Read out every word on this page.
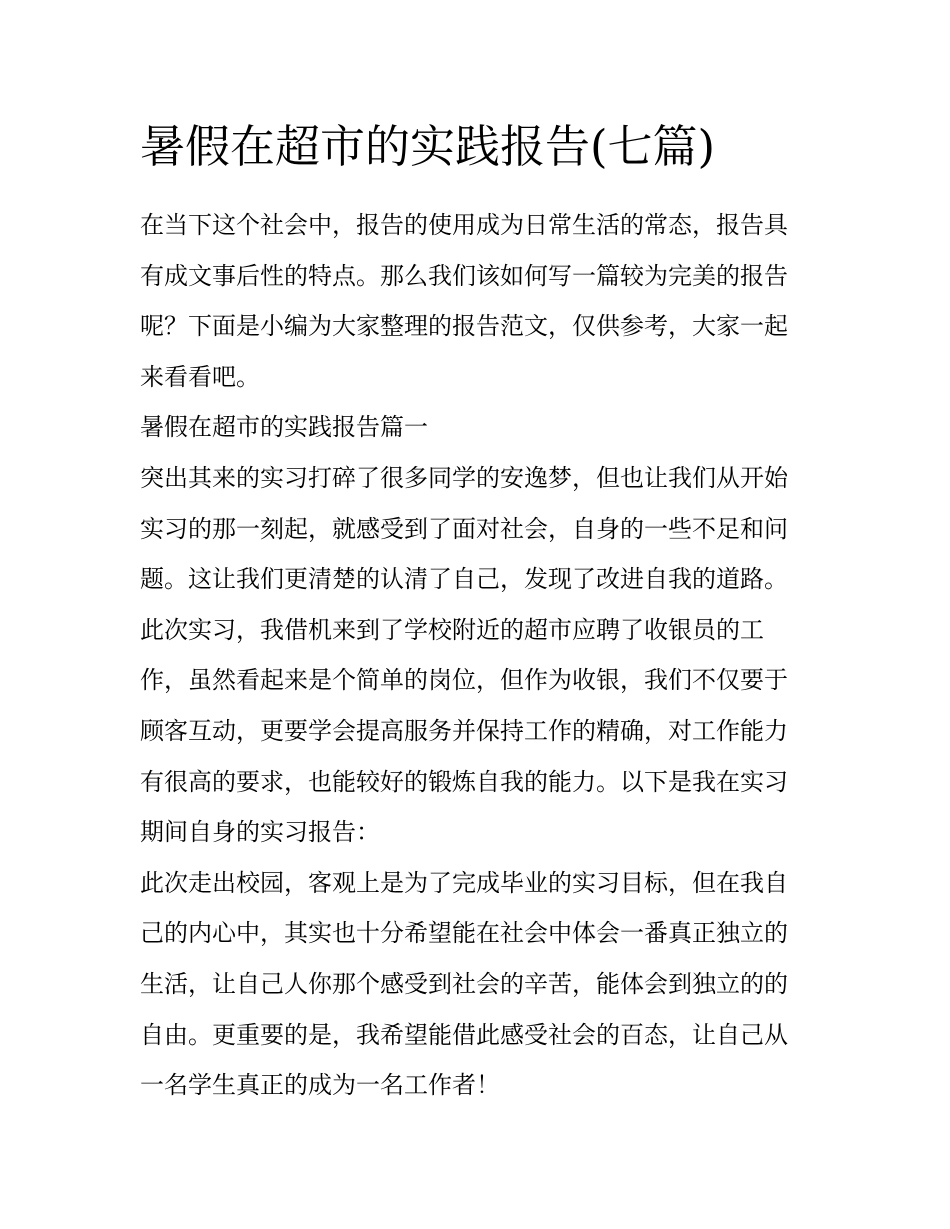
暑假在超市的实践报告(七篇)
在当下这个社会中，报告的使用成为日常生活的常态，报告具
有成文事后性的特点。那么我们该如何写一篇较为完美的报告
呢？下面是小编为大家整理的报告范文，仅供参考，大家一起
来看看吧。
暑假在超市的实践报告篇一
突出其来的实习打碎了很多同学的安逸梦，但也让我们从开始
实习的那一刻起，就感受到了面对社会，自身的一些不足和问
题。这让我们更清楚的认清了自己，发现了改进自我的道路。
此次实习，我借机来到了学校附近的超市应聘了收银员的工
作，虽然看起来是个简单的岗位，但作为收银，我们不仅要于
顾客互动，更要学会提高服务并保持工作的精确，对工作能力
有很高的要求，也能较好的锻炼自我的能力。以下是我在实习
期间自身的实习报告：
此次走出校园，客观上是为了完成毕业的实习目标，但在我自
己的内心中，其实也十分希望能在社会中体会一番真正独立的
生活，让自己人你那个感受到社会的辛苦，能体会到独立的的
自由。更重要的是，我希望能借此感受社会的百态，让自己从
一名学生真正的成为一名工作者！
